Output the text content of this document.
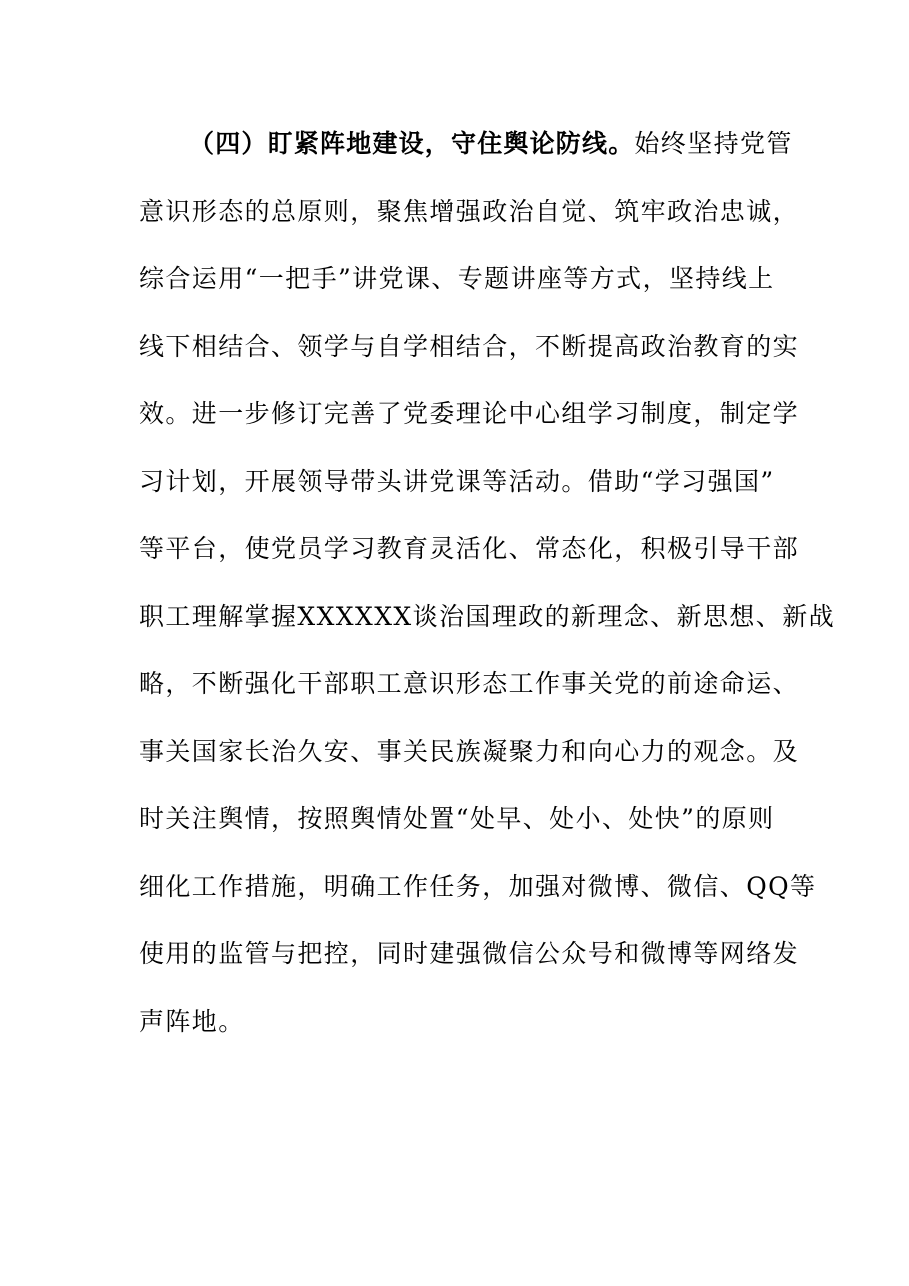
（四）盯紧阵地建设，守住舆论防线。始终坚持党管
意识形态的总原则，聚焦增强政治自觉、筑牢政治忠诚，
综合运用“一把手”讲党课、专题讲座等方式，坚持线上
线下相结合、领学与自学相结合，不断提高政治教育的实
效。进一步修订完善了党委理论中心组学习制度，制定学
习计划，开展领导带头讲党课等活动。借助“学习强国”
等平台，使党员学习教育灵活化、常态化，积极引导干部
职工理解掌握XXXXXX谈治国理政的新理念、新思想、新战
略，不断强化干部职工意识形态工作事关党的前途命运、
事关国家长治久安、事关民族凝聚力和向心力的观念。及
时关注舆情，按照舆情处置“处早、处小、处快”的原则
细化工作措施，明确工作任务，加强对微博、微信、QQ等
使用的监管与把控，同时建强微信公众号和微博等网络发
声阵地。
